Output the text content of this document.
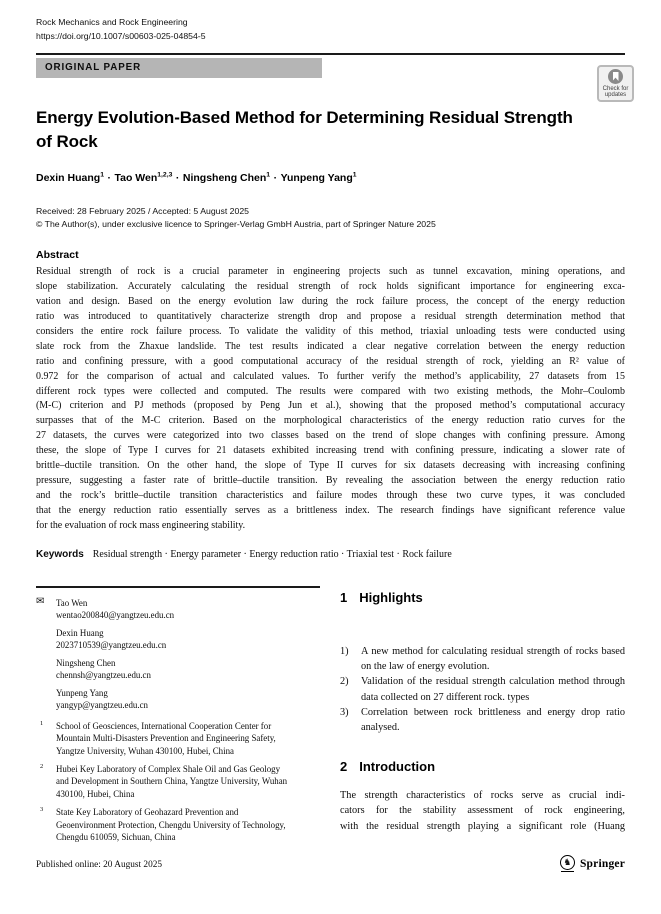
Rock Mechanics and Rock Engineering
https://doi.org/10.1007/s00603-025-04854-5
ORIGINAL PAPER
Check for
updates
Energy Evolution-Based Method for Determining Residual Strength
of Rock
Dexin Huang$^1$ · Tao Wen$^{1,2,3}$ · Ningsheng Chen$^1$ · Yunpeng Yang$^1$
Received: 28 February 2025 / Accepted: 5 August 2025
© The Author(s), under exclusive licence to Springer-Verlag GmbH Austria, part of Springer Nature 2025
Abstract
Residual strength of rock is a crucial parameter in engineering projects such as tunnel excavation, mining operations, and
slope stabilization. Accurately calculating the residual strength of rock holds significant importance for engineering exca-
vation and design. Based on the energy evolution law during the rock failure process, the concept of the energy reduction
ratio was introduced to quantitatively characterize strength drop and propose a residual strength determination method that
considers the entire rock failure process. To validate the validity of this method, triaxial unloading tests were conducted using
slate rock from the Zhaxue landslide. The test results indicated a clear negative correlation between the energy reduction
ratio and confining pressure, with a good computational accuracy of the residual strength of rock, yielding an R² value of
0.972 for the comparison of actual and calculated values. To further verify the method’s applicability, 27 datasets from 15
different rock types were collected and computed. The results were compared with two existing methods, the Mohr–Coulomb
(M-C) criterion and PJ methods (proposed by Peng Jun et al.), showing that the proposed method’s computational accuracy
surpasses that of the M-C criterion. Based on the morphological characteristics of the energy reduction ratio curves for the
27 datasets, the curves were categorized into two classes based on the trend of slope changes with confining pressure. Among
these, the slope of Type I curves for 21 datasets exhibited increasing trend with confining pressure, indicating a slower rate of
brittle–ductile transition. On the other hand, the slope of Type II curves for six datasets decreasing with increasing confining
pressure, suggesting a faster rate of brittle–ductile transition. By revealing the association between the energy reduction ratio
and the rock’s brittle–ductile transition characteristics and failure modes through these two curve types, it was concluded
that the energy reduction ratio essentially serves as a brittleness index. The research findings have significant reference value
for the evaluation of rock mass engineering stability.
Keywords Residual strength · Energy parameter · Energy reduction ratio · Triaxial test · Rock failure
✉ Tao Wen
wentao200840@yangtzeu.edu.cn
Dexin Huang
2023710539@yangtzeu.edu.cn
Ningsheng Chen
chennsh@yangtzeu.edu.cn
Yunpeng Yang
yangyp@yangtzeu.edu.cn
1 School of Geosciences, International Cooperation Center for Mountain Multi-Disasters Prevention and Engineering Safety, Yangtze University, Wuhan 430100, Hubei, China
2 Hubei Key Laboratory of Complex Shale Oil and Gas Geology and Development in Southern China, Yangtze University, Wuhan 430100, Hubei, China
3 State Key Laboratory of Geohazard Prevention and Geoenvironment Protection, Chengdu University of Technology, Chengdu 610059, Sichuan, China
1 Highlights
1)	A new method for calculating residual strength of rocks based on the law of energy evolution.
2)	Validation of the residual strength calculation method through data collected on 27 different rock. types
3)	Correlation between rock brittleness and energy drop ratio analysed.
2 Introduction
The strength characteristics of rocks serve as crucial indi-
cators for the stability assessment of rock engineering,
with the residual strength playing a significant role (Huang
Published online: 20 August 2025	♞ Springer
